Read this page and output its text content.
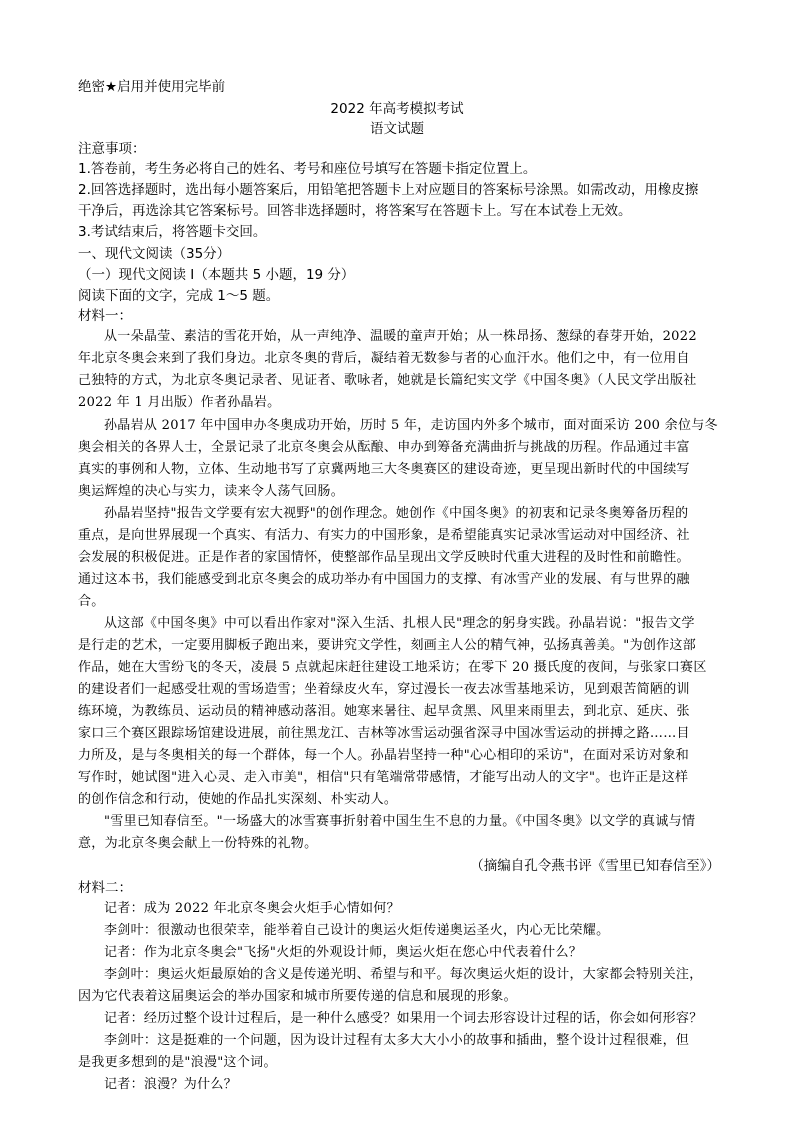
绝密★启用并使用完毕前
2022 年高考模拟考试
语文试题
注意事项：
1.答卷前，考生务必将自己的姓名、考号和座位号填写在答题卡指定位置上。
2.回答选择题时，选出每小题答案后，用铅笔把答题卡上对应题目的答案标号涂黑。如需改动，用橡皮擦
干净后，再选涂其它答案标号。回答非选择题时，将答案写在答题卡上。写在本试卷上无效。
3.考试结束后，将答题卡交回。
一、现代文阅读（35分）
（一）现代文阅读 I（本题共 5 小题，19 分）
阅读下面的文字，完成 1～5 题。
材料一：
从一朵晶莹、素洁的雪花开始，从一声纯净、温暖的童声开始；从一株昂扬、葱绿的春芽开始，2022
年北京冬奥会来到了我们身边。北京冬奥的背后，凝结着无数参与者的心血汗水。他们之中，有一位用自
己独特的方式，为北京冬奥记录者、见证者、歌咏者，她就是长篇纪实文学《中国冬奥》（人民文学出版社
2022 年 1 月出版）作者孙晶岩。
孙晶岩从 2017 年中国申办冬奥成功开始，历时 5 年，走访国内外多个城市，面对面采访 200 余位与冬
奥会相关的各界人士，全景记录了北京冬奥会从酝酿、申办到筹备充满曲折与挑战的历程。作品通过丰富
真实的事例和人物，立体、生动地书写了京冀两地三大冬奥赛区的建设奇迹，更呈现出新时代的中国续写
奥运辉煌的决心与实力，读来令人荡气回肠。
孙晶岩坚持"报告文学要有宏大视野"的创作理念。她创作《中国冬奥》的初衷和记录冬奥筹备历程的
重点，是向世界展现一个真实、有活力、有实力的中国形象，是希望能真实记录冰雪运动对中国经济、社
会发展的积极促进。正是作者的家国情怀，使整部作品呈现出文学反映时代重大进程的及时性和前瞻性。
通过这本书，我们能感受到北京冬奥会的成功举办有中国国力的支撑、有冰雪产业的发展、有与世界的融
合。
从这部《中国冬奥》中可以看出作家对"深入生活、扎根人民"理念的躬身实践。孙晶岩说："报告文学
是行走的艺术，一定要用脚板子跑出来，要讲究文学性，刻画主人公的精气神，弘扬真善美。"为创作这部
作品，她在大雪纷飞的冬天，凌晨 5 点就起床赶往建设工地采访；在零下 20 摄氏度的夜间，与张家口赛区
的建设者们一起感受壮观的雪场造雪；坐着绿皮火车，穿过漫长一夜去冰雪基地采访，见到艰苦简陋的训
练环境，为教练员、运动员的精神感动落泪。她寒来暑往、起早贪黑、风里来雨里去，到北京、延庆、张
家口三个赛区跟踪场馆建设进展，前往黑龙江、吉林等冰雪运动强省深寻中国冰雪运动的拼搏之路……目
力所及，是与冬奥相关的每一个群体，每一个人。孙晶岩坚持一种"心心相印的采访"，在面对采访对象和
写作时，她试图"进入心灵、走入市美"，相信"只有笔端常带感情，才能写出动人的文字"。也许正是这样
的创作信念和行动，使她的作品扎实深刻、朴实动人。
"雪里已知春信至。"一场盛大的冰雪赛事折射着中国生生不息的力量。《中国冬奥》以文学的真诚与情
意，为北京冬奥会献上一份特殊的礼物。
（摘编自孔令燕书评《雪里已知春信至》）
材料二：
记者：成为 2022 年北京冬奥会火炬手心情如何？
李剑叶：很激动也很荣幸，能举着自己设计的奥运火炬传递奥运圣火，内心无比荣耀。
记者：作为北京冬奥会"飞扬"火炬的外观设计师，奥运火炬在您心中代表着什么？
李剑叶：奥运火炬最原始的含义是传递光明、希望与和平。每次奥运火炬的设计，大家都会特别关注，
因为它代表着这届奥运会的举办国家和城市所要传递的信息和展现的形象。
记者：经历过整个设计过程后，是一种什么感受？如果用一个词去形容设计过程的话，你会如何形容？
李剑叶：这是挺难的一个问题，因为设计过程有太多大大小小的故事和插曲，整个设计过程很难，但
是我更多想到的是"浪漫"这个词。
记者：浪漫？为什么？
